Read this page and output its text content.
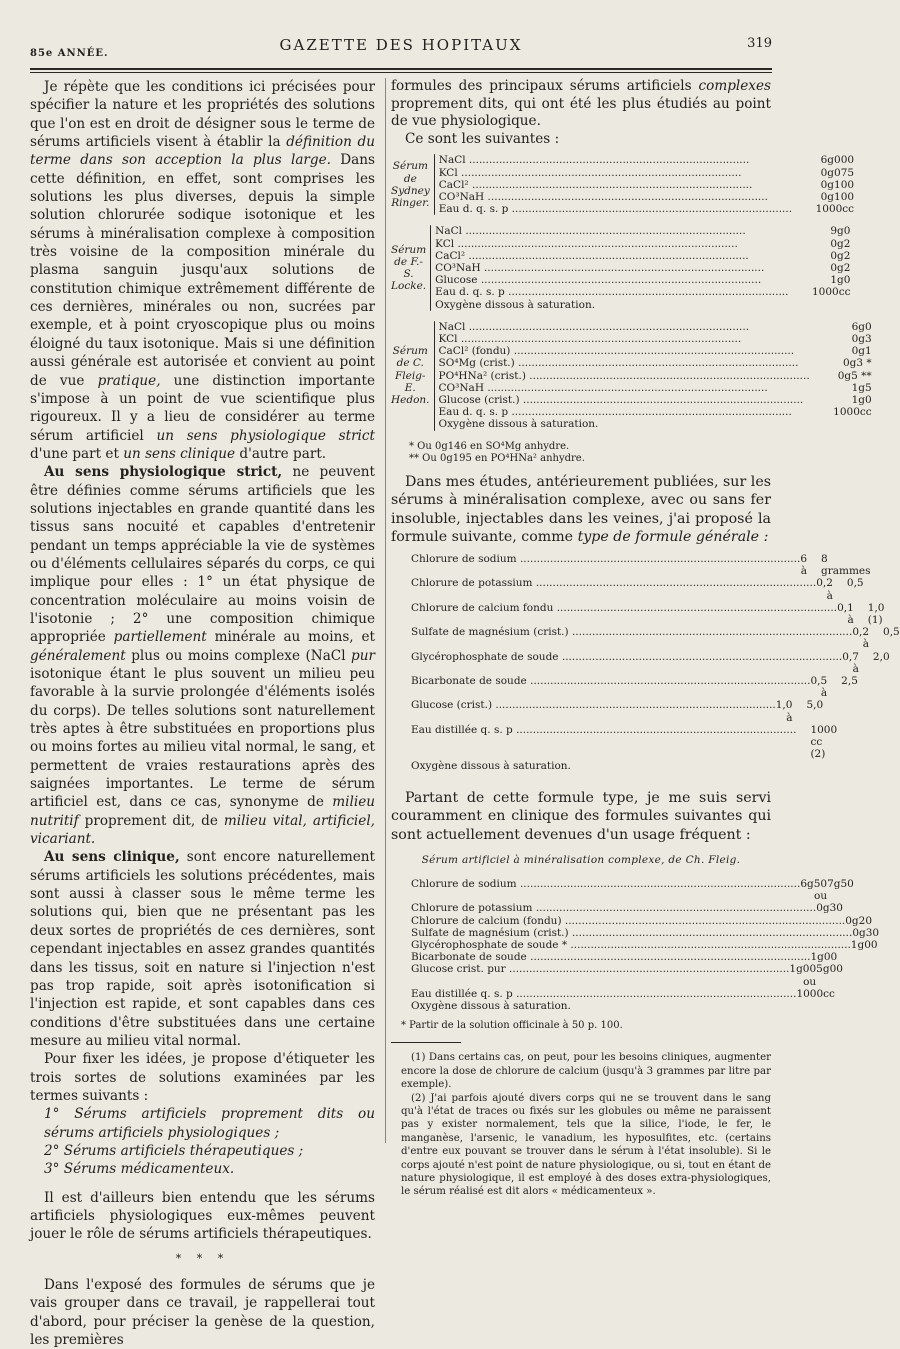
85e ANNÉE.	GAZETTE DES HOPITAUX	319

Je répète que les conditions ici précisées pour spécifier la nature et les propriétés des solutions que l'on est en droit de désigner sous le terme de sérums artificiels visent à établir la définition du terme dans son acception la plus large. Dans cette définition, en effet, sont comprises les solutions les plus diverses, depuis la simple solution chlorurée sodique isotonique et les sérums à minéralisation complexe à composition très voisine de la composition minérale du plasma sanguin jusqu'aux solutions de constitution chimique extrêmement différente de ces dernières, minérales ou non, sucrées par exemple, et à point cryoscopique plus ou moins éloigné du taux isotonique. Mais si une définition aussi générale est autorisée et convient au point de vue pratique, une distinction importante s'impose à un point de vue scientifique plus rigoureux. Il y a lieu de considérer au terme sérum artificiel un sens physiologique strict d'une part et un sens clinique d'autre part.

Au sens physiologique strict, ne peuvent être définies comme sérums artificiels que les solutions injectables en grande quantité dans les tissus sans nocuité et capables d'entretenir pendant un temps appréciable la vie de systèmes ou d'éléments cellulaires séparés du corps, ce qui implique pour elles : 1° un état physique de concentration moléculaire au moins voisin de l'isotonie ; 2° une composition chimique appropriée partiellement minérale au moins, et généralement plus ou moins complexe (NaCl pur isotonique étant le plus souvent un milieu peu favorable à la survie prolongée d'éléments isolés du corps). De telles solutions sont naturellement très aptes à être substituées en proportions plus ou moins fortes au milieu vital normal, le sang, et permettent de vraies restaurations après des saignées importantes. Le terme de sérum artificiel est, dans ce cas, synonyme de milieu nutritif proprement dit, de milieu vital, artificiel, vicariant.

Au sens clinique, sont encore naturellement sérums artificiels les solutions précédentes, mais sont aussi à classer sous le même terme les solutions qui, bien que ne présentant pas les deux sortes de propriétés de ces dernières, sont cependant injectables en assez grandes quantités dans les tissus, soit en nature si l'injection n'est pas trop rapide, soit après isotonification si l'injection est rapide, et sont capables dans ces conditions d'être substituées dans une certaine mesure au milieu vital normal.

Pour fixer les idées, je propose d'étiqueter les trois sortes de solutions examinées par les termes suivants :

1° Sérums artificiels proprement dits ou sérums artificiels physiologiques ;

2° Sérums artificiels thérapeutiques ;

3° Sérums médicamenteux.

Il est d'ailleurs bien entendu que les sérums artificiels physiologiques eux-mêmes peuvent jouer le rôle de sérums artificiels thérapeutiques.

* * *

Dans l'exposé des formules de sérums que je vais grouper dans ce travail, je rappellerai tout d'abord, pour préciser la genèse de la question, les premières

formules des principaux sérums artificiels complexes proprement dits, qui ont été les plus étudiés au point de vue physiologique.

Ce sont les suivantes :

Sérum de Sydney Ringer.
NaCl .....	6g000
KCl .....	0g075
CaCl² .....	0g100
CO³NaH .....	0g100
Eau d. q. s. p .....	1000cc
Sérum de F.-S. Locke.
NaCl .....	9g0
KCl .....	0g2
CaCl² .....	0g2
CO³NaH .....	0g2
Glucose .....	1g0
Eau d. q. s. p .....	1000cc
Oxygène dissous à saturation.
Sérum de C. Fleig-E. Hedon.
NaCl .....	6g0
KCl .....	0g3
CaCl² (fondu) .....	0g1
SO⁴Mg (crist.) .....	0g3 *
PO⁴HNa² (crist.) .....	0g5 **
CO³NaH .....	1g5
Glucose (crist.) .....	1g0
Eau d. q. s. p .....	1000cc
Oxygène dissous à saturation.
* Ou 0g146 en SO⁴Mg anhydre.
** Ou 0g195 en PO⁴HNa² anhydre.

Dans mes études, antérieurement publiées, sur les sérums à minéralisation complexe, avec ou sans fer insoluble, injectables dans les veines, j'ai proposé la formule suivante, comme type de formule générale :

Chlorure de sodium .....	6 à
8 grammes
Chlorure de potassium .....	0,2 à
0,5
Chlorure de calcium fondu .....	0,1 à
1,0 (1)
Sulfate de magnésium (crist.) .....	0,2 à
0,5
Glycérophosphate de soude .....	0,7 à
2,0
Bicarbonate de soude .....	0,5 à
2,5
Glucose (crist.) .....	1,0 à
5,0
Eau distillée q. s. p .....	1000 cc (2)
Oxygène dissous à saturation.

Partant de cette formule type, je me suis servi couramment en clinique des formules suivantes qui sont actuellement devenues d'un usage fréquent :

Sérum artificiel à minéralisation complexe, de Ch. Fleig.
Chlorure de sodium .....	6g50 ou
7g50
Chlorure de potassium .....	0g30
Chlorure de calcium (fondu) .....	0g20
Sulfate de magnésium (crist.) .....	0g30
Glycérophosphate de soude * .....	1g00
Bicarbonate de soude .....	1g00
Glucose crist. pur .....	1g00 ou
5g00
Eau distillée q. s. p .....	1000cc
Oxygène dissous à saturation.
* Partir de la solution officinale à 50 p. 100.

(1) Dans certains cas, on peut, pour les besoins cliniques, augmenter encore la dose de chlorure de calcium (jusqu'à 3 grammes par litre par exemple).

(2) J'ai parfois ajouté divers corps qui ne se trouvent dans le sang qu'à l'état de traces ou fixés sur les globules ou même ne paraissent pas y exister normalement, tels que la silice, l'iode, le fer, le manganèse, l'arsenic, le vanadium, les hyposulfites, etc. (certains d'entre eux pouvant se trouver dans le sérum à l'état insoluble). Si le corps ajouté n'est point de nature physiologique, ou si, tout en étant de nature physiologique, il est employé à des doses extra-physiologiques, le sérum réalisé est dit alors « médicamenteux ».
